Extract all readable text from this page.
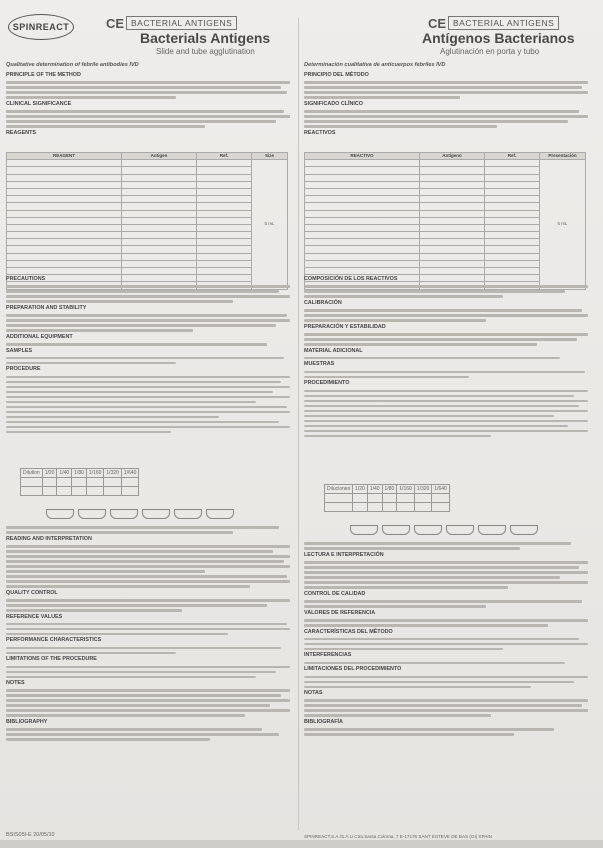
SPINREACT	CE BACTERIAL ANTIGENS
Bacterials Antigens
Slide and tube agglutination
Qualitative determination of febrile antibodies IVD
PRINCIPLE OF THE METHOD
CLINICAL SIGNIFICANCE
REAGENTS
REAGENT	Antigen	Ref.	Size
			5 mL

PRECAUTIONS
PREPARATION AND STABILITY
ADDITIONAL EQUIPMENT
SAMPLES
PROCEDURE
Dilution	1/20	1/40	1/80	1/160	1/320	1/640

READING AND INTERPRETATION
QUALITY CONTROL
REFERENCE VALUES
PERFORMANCE CHARACTERISTICS
LIMITATIONS OF THE PROCEDURE
NOTES
BIBLIOGRAPHY
BSIS05I-E 20/05/10
CE BACTERIAL ANTIGENS
Antígenos Bacterianos
Aglutinación en porta y tubo
Determinación cualitativa de anticuerpos febriles IVD
PRINCIPIO DEL MÉTODO
SIGNIFICADO CLÍNICO
REACTIVOS
REACTIVO	Antígeno	Ref.	Presentación
			5 mL

COMPOSICIÓN DE LOS REACTIVOS
CALIBRACIÓN
PREPARACIÓN Y ESTABILIDAD
MATERIAL ADICIONAL
MUESTRAS
PROCEDIMIENTO
Diluciones	1/20	1/40	1/80	1/160	1/320	1/640

LECTURA E INTERPRETACIÓN
CONTROL DE CALIDAD
VALORES DE REFERENCIA
CARACTERÍSTICAS DEL MÉTODO
INTERFERENCIAS
LIMITACIONES DEL PROCEDIMIENTO
NOTAS
BIBLIOGRAFÍA
SPINREACT,S.A./S.A.U Ctra.Santa Coloma, 7 E-17176 SANT ESTEVE DE BAS (GI) SPAIN
